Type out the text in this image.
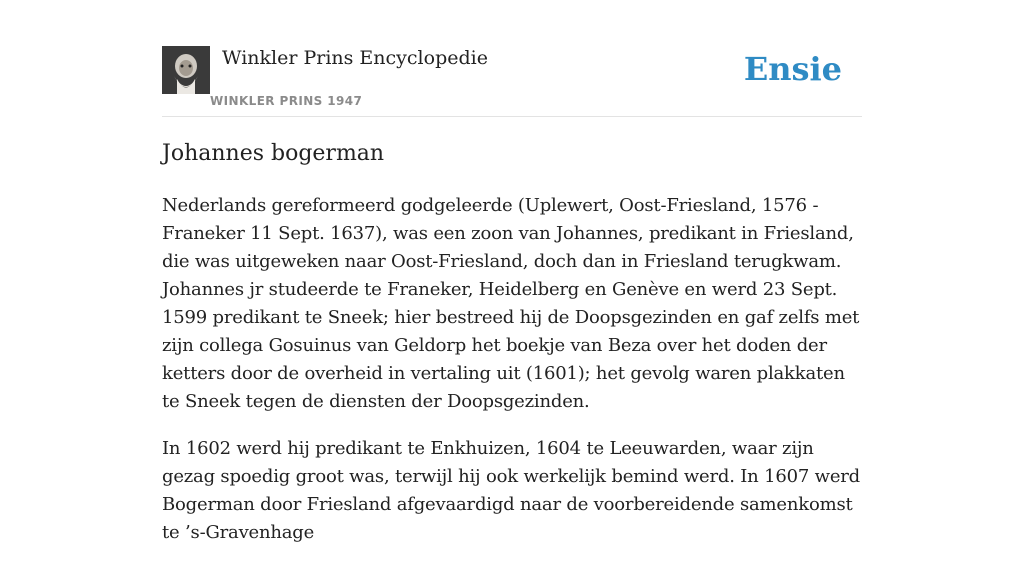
Winkler Prins Encyclopedie
WINKLER PRINS 1947
Ensie
Johannes bogerman

Nederlands gereformeerd godgeleerde (Uplewert, Oost-Friesland, 1576 - Franeker 11 Sept. 1637), was een zoon van Johannes, predikant in Friesland, die was uitgeweken naar Oost-Friesland, doch dan in Friesland terugkwam. Johannes jr studeerde te Franeker, Heidelberg en Genève en werd 23 Sept. 1599 predikant te Sneek; hier bestreed hij de Doopsgezinden en gaf zelfs met zijn collega Gosuinus van Geldorp het boekje van Beza over het doden der ketters door de overheid in vertaling uit (1601); het gevolg waren plakkaten te Sneek tegen de diensten der Doopsgezinden.

In 1602 werd hij predikant te Enkhuizen, 1604 te Leeuwarden, waar zijn gezag spoedig groot was, terwijl hij ook werkelijk bemind werd. In 1607 werd Bogerman door Friesland afgevaardigd naar de voorbereidende samenkomst te ’s-Gravenhage
